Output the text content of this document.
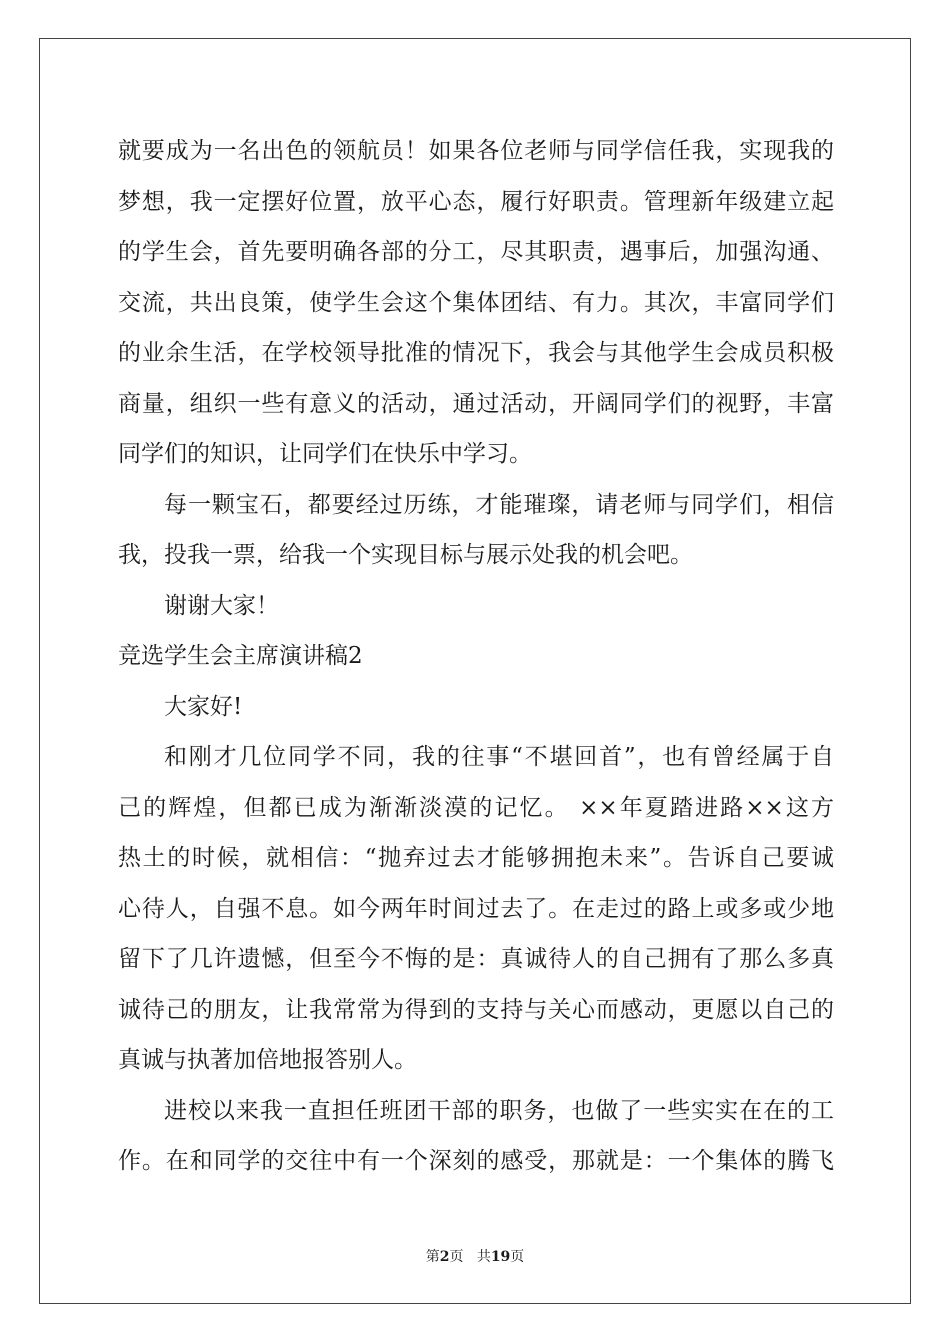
就要成为一名出色的领航员！如果各位老师与同学信任我，实现我的
梦想，我一定摆好位置，放平心态，履行好职责。管理新年级建立起
的学生会，首先要明确各部的分工，尽其职责，遇事后，加强沟通、
交流，共出良策，使学生会这个集体团结、有力。其次，丰富同学们
的业余生活，在学校领导批准的情况下，我会与其他学生会成员积极
商量，组织一些有意义的活动，通过活动，开阔同学们的视野，丰富
同学们的知识，让同学们在快乐中学习。
每一颗宝石，都要经过历练，才能璀璨，请老师与同学们，相信
我，投我一票，给我一个实现目标与展示处我的机会吧。
谢谢大家！
竞选学生会主席演讲稿2
大家好!
和刚才几位同学不同，我的往事“不堪回首”，也有曾经属于自
己的辉煌，但都已成为渐渐淡漠的记忆。 ××年夏踏进路××这方
热土的时候，就相信：“抛弃过去才能够拥抱未来”。告诉自己要诚
心待人，自强不息。如今两年时间过去了。在走过的路上或多或少地
留下了几许遗憾，但至今不悔的是：真诚待人的自己拥有了那么多真
诚待己的朋友，让我常常为得到的支持与关心而感动，更愿以自己的
真诚与执著加倍地报答别人。
进校以来我一直担任班团干部的职务，也做了一些实实在在的工
作。在和同学的交往中有一个深刻的感受，那就是：一个集体的腾飞
第2页 共19页
